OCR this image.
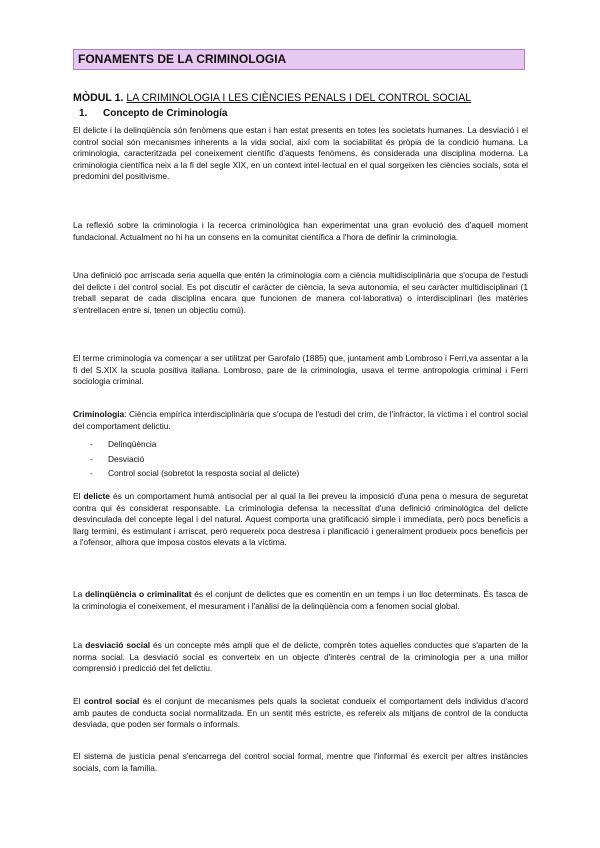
FONAMENTS DE LA CRIMINOLOGIA
MÒDUL 1. LA CRIMINOLOGIA I LES CIÈNCIES PENALS I DEL CONTROL SOCIAL
1. Concepto de Criminología

El delicte i la delinqüència són fenòmens que estan i han estat presents en totes les societats humanes. La desviació i el control social són mecanismes inherents a la vida social, així com la sociabilitat és pròpia de la condició humana. La criminologia, caracteritzada pel coneixement científic d'aquests fenòmens, és considerada una disciplina moderna. La criminologia científica neix a la fi del segle XIX, en un context intel·lectual en el qual sorgeixen les ciències socials, sota el predomini del positivisme.

La reflexió sobre la criminologia i la recerca criminològica han experimentat una gran evolució des d'aquell moment fundacional. Actualment no hi ha un consens en la comunitat científica a l'hora de definir la criminologia.

Una definició poc arriscada seria aquella que entén la criminologia com a ciència multidisciplinària que s'ocupa de l'estudi del delicte i del control social. Es pot discutir el caràcter de ciència, la seva autonomia, el seu caràcter multidisciplinari (1 treball separat de cada disciplina encara que funcionen de manera col·laborativa) o interdisciplinari (les matèries s'entrellacen entre si, tenen un objectiu comú).

El terme criminologia va començar a ser utilitzat per Garofalo (1885) que, juntament amb Lombroso i Ferri,va assentar a la fi del S.XIX la scuola positiva italiana. Lombroso, pare de la criminologia, usava el terme antropologia criminal i Ferri sociologia criminal.

Criminologia: Ciència empírica interdisciplinària que s'ocupa de l'estudi del crim, de l'infractor, la víctima i el control social del comportament delictiu.

- Delinqüència
- Desviació
- Control social (sobretot la resposta social al delicte)

El delicte és un comportament humà antisocial per al qual la llei preveu la imposició d'una pena o mesura de seguretat contra qui és considerat responsable. La criminologia defensa la necessitat d'una definició criminològica del delicte desvinculada del concepte legal i del natural. Aquest comporta una gratificació simple i immediata, però pocs beneficis a llarg termini, és estimulant i arriscat, però requereix poca destresa i planificació i generalment produeix pocs beneficis per a l'ofensor, alhora que imposa costos elevats a la víctima.

La delinqüència o criminalitat és el conjunt de delictes que es comentin en un temps i un lloc determinats. És tasca de la criminologia el coneixement, el mesurament i l'anàlisi de la delinqüència com a fenomen social global.

La desviació social és un concepte més ampli que el de delicte, comprèn totes aquelles conductes que s'aparten de la norma social. La desviació social es converteix en un objecte d'interès central de la criminologia per a una millor comprensió i predicció del fet delictiu.

El control social és el conjunt de mecanismes pels quals la societat condueix el comportament dels individus d'acord amb pautes de conducta social normalitzada. En un sentit més estricte, es refereix als mitjans de control de la conducta desviada, que poden ser formals o informals.

El sistema de justícia penal s'encarrega del control social formal, mentre que l'informal és exercit per altres instàncies socials, com la família.
